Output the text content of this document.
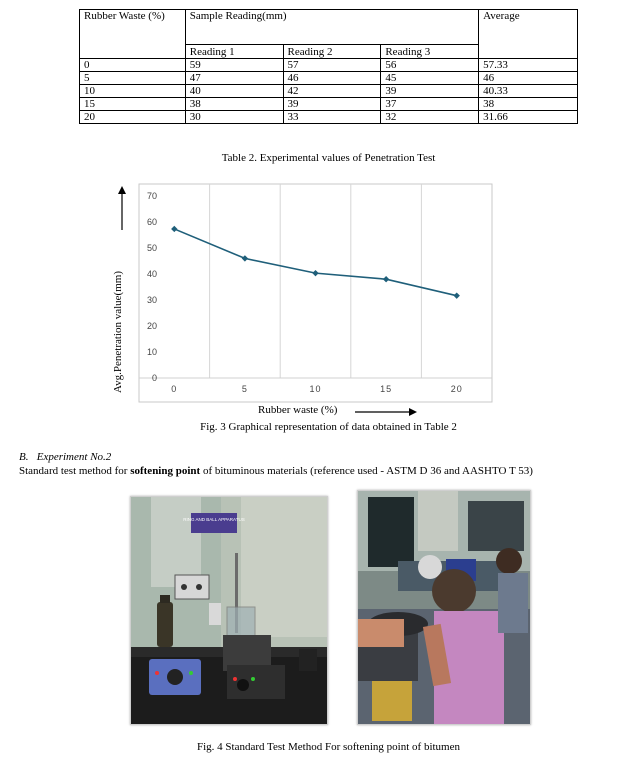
Rubber Waste (%)	Sample Reading(mm)			Average
	Reading 1	Reading 2	Reading 3	
0	59	57	56	57.33
5	47	46	45	46
10	40	42	39	40.33
15	38	39	37	38
20	30	33	32	31.66
Table 2. Experimental values of Penetration Test
Avg.Penetration value(mm)	0
10
20
30
40
50
60
70
0	5	10	15	20
Rubber waste (%)
Fig. 3 Graphical representation of data obtained in Table 2
B. Experiment No.2
Standard test method for softening point of bituminous materials (reference used - ASTM D 36 and AASHTO T 53)
RING AND BALL APPARATUS
Fig. 4 Standard Test Method For softening point of bitumen
